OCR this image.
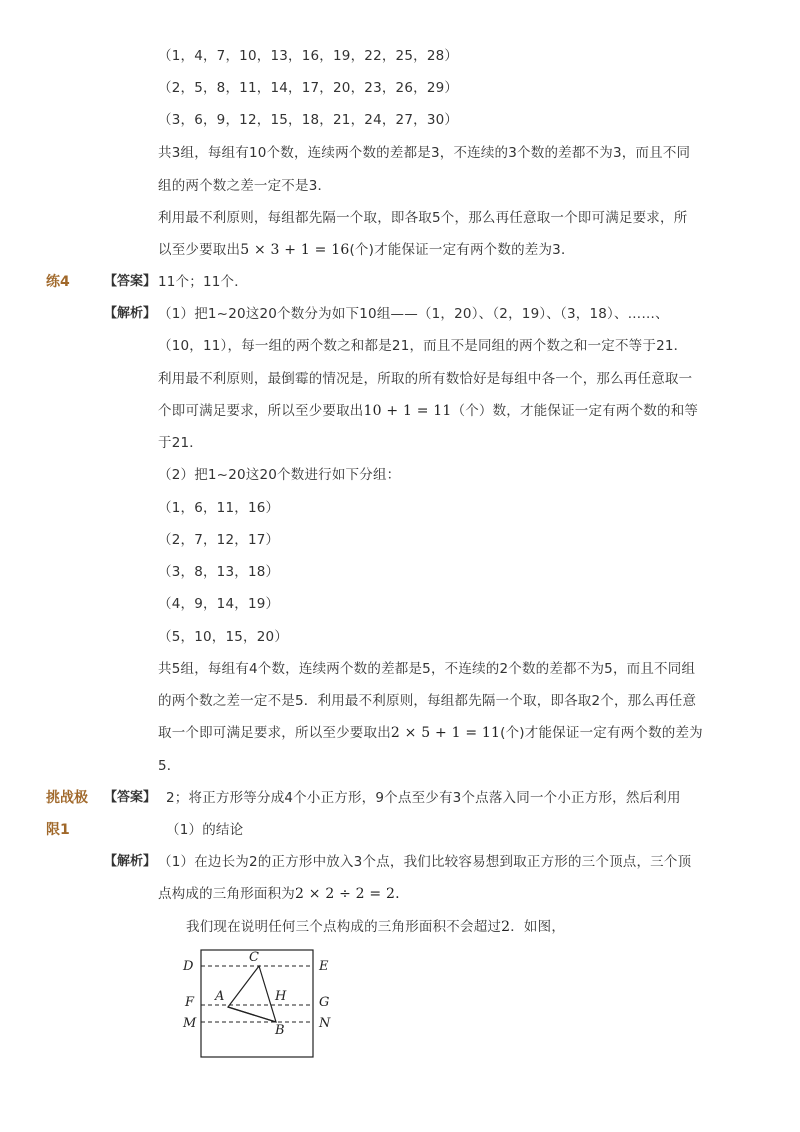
（1，4，7，10，13，16，19，22，25，28）
（2，5，8，11，14，17，20，23，26，29）
（3，6，9，12，15，18，21，24，27，30）
共3组，每组有10个数，连续两个数的差都是3，不连续的3个数的差都不为3，而且不同
组的两个数之差一定不是3．
利用最不利原则，每组都先隔一个取，即各取5个，那么再任意取一个即可满足要求，所
以至少要取出5 × 3 + 1 = 16(个)才能保证一定有两个数的差为3．
练4	【答案】 11个；11个．
【解析】 （1）把1~20这20个数分为如下10组——（1，20）、（2，19）、（3，18）、……、
（10，11），每一组的两个数之和都是21，而且不是同组的两个数之和一定不等于21．
利用最不利原则，最倒霉的情况是，所取的所有数恰好是每组中各一个，那么再任意取一
个即可满足要求，所以至少要取出10 + 1 = 11（个）数，才能保证一定有两个数的和等
于21．
（2）把1~20这20个数进行如下分组：
（1，6，11，16）
（2，7，12，17）
（3，8，13，18）
（4，9，14，19）
（5，10，15，20）
共5组，每组有4个数，连续两个数的差都是5，不连续的2个数的差都不为5，而且不同组
的两个数之差一定不是5．利用最不利原则，每组都先隔一个取，即各取2个，那么再任意
取一个即可满足要求，所以至少要取出2 × 5 + 1 = 11(个)才能保证一定有两个数的差为
5．
挑战极
限1
【答案】 2；将正方形等分成4个小正方形，9个点至少有3个点落入同一个小正方形，然后利用
（1）的结论
【解析】 （1）在边长为2的正方形中放入3个点，我们比较容易想到取正方形的三个顶点，三个顶
点构成的三角形面积为2 × 2 ÷ 2 = 2.
我们现在说明任何三个点构成的三角形面积不会超过2．如图，
D	E
C
F	G
A	H
M	N
B
